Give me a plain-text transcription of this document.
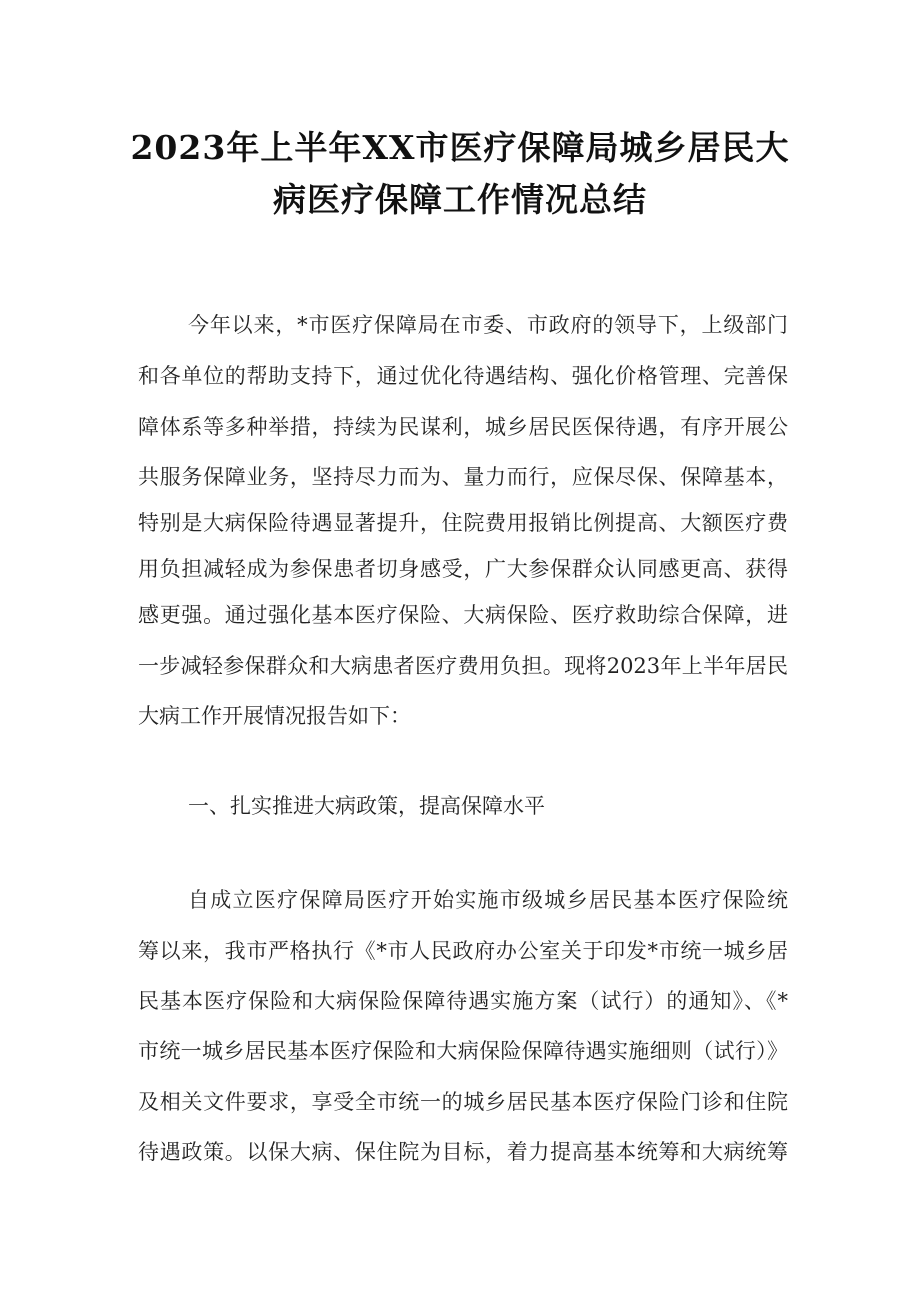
2023年上半年XX市医疗保障局城乡居民大
病医疗保障工作情况总结
今年以来，*市医疗保障局在市委、市政府的领导下，上级部门
和各单位的帮助支持下，通过优化待遇结构、强化价格管理、完善保
障体系等多种举措，持续为民谋利，城乡居民医保待遇，有序开展公
共服务保障业务，坚持尽力而为、量力而行，应保尽保、保障基本，
特别是大病保险待遇显著提升，住院费用报销比例提高、大额医疗费
用负担减轻成为参保患者切身感受，广大参保群众认同感更高、获得
感更强。通过强化基本医疗保险、大病保险、医疗救助综合保障，进
一步减轻参保群众和大病患者医疗费用负担。现将2023年上半年居民
大病工作开展情况报告如下：
一、扎实推进大病政策，提高保障水平
自成立医疗保障局医疗开始实施市级城乡居民基本医疗保险统
筹以来，我市严格执行《*市人民政府办公室关于印发*市统一城乡居
民基本医疗保险和大病保险保障待遇实施方案（试行）的通知》、《*
市统一城乡居民基本医疗保险和大病保险保障待遇实施细则（试行）》
及相关文件要求，享受全市统一的城乡居民基本医疗保险门诊和住院
待遇政策。以保大病、保住院为目标，着力提高基本统筹和大病统筹
